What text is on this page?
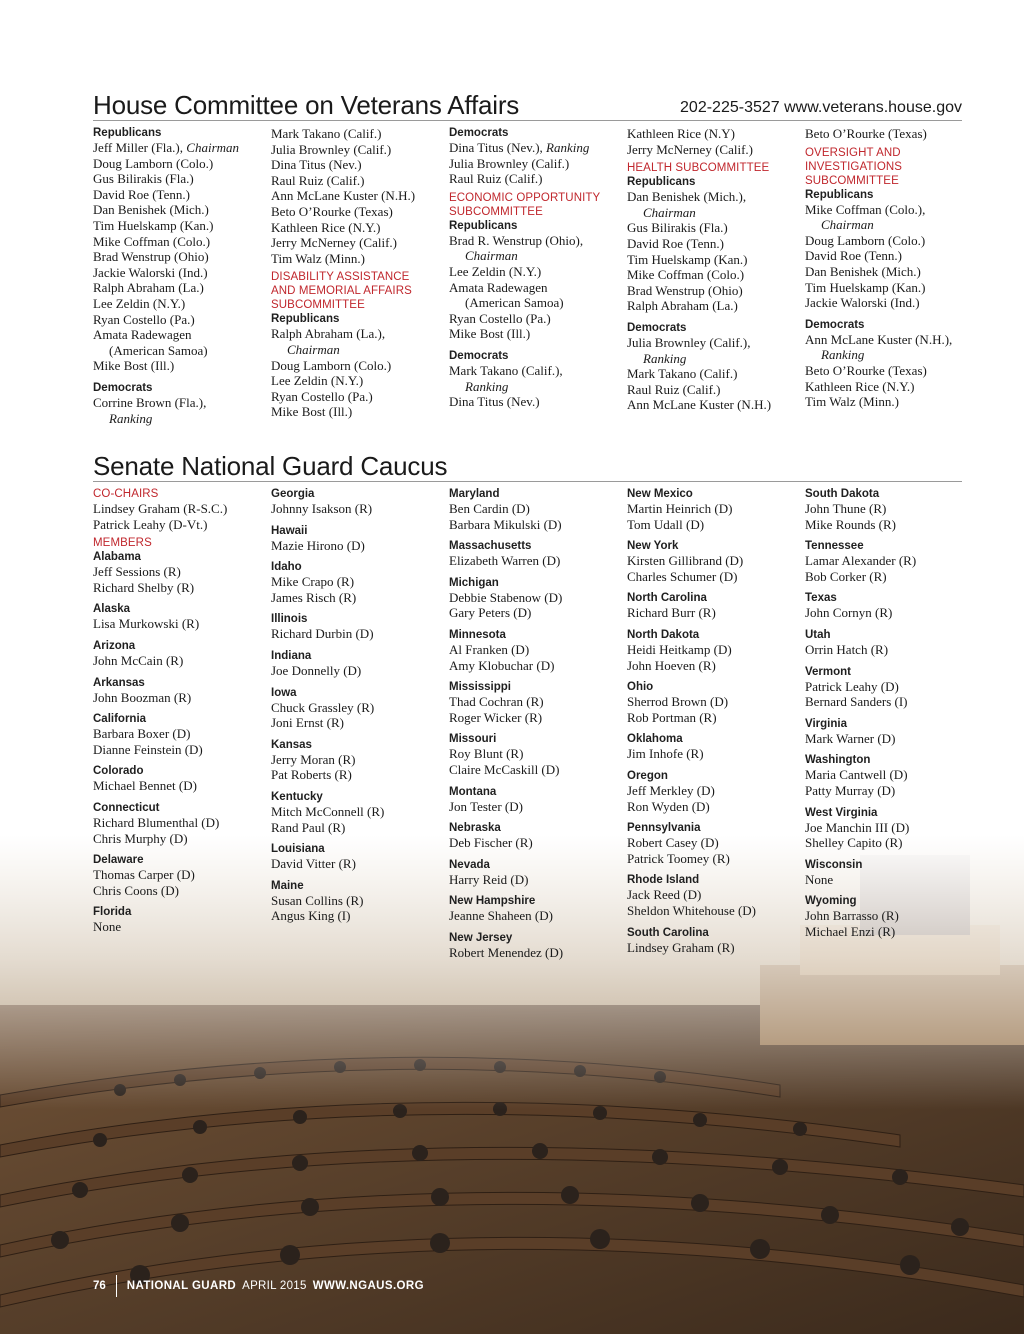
House Committee on Veterans Affairs	202-225-3527 www.veterans.house.gov
Republicans
Jeff Miller (Fla.), Chairman
Doug Lamborn (Colo.)
Gus Bilirakis (Fla.)
David Roe (Tenn.)
Dan Benishek (Mich.)
Tim Huelskamp (Kan.)
Mike Coffman (Colo.)
Brad Wenstrup (Ohio)
Jackie Walorski (Ind.)
Ralph Abraham (La.)
Lee Zeldin (N.Y.)
Ryan Costello (Pa.)
Amata Radewagen
(American Samoa)
Mike Bost (Ill.)
Democrats
Corrine Brown (Fla.),
Ranking
Mark Takano (Calif.)
Julia Brownley (Calif.)
Dina Titus (Nev.)
Raul Ruiz (Calif.)
Ann McLane Kuster (N.H.)
Beto O’Rourke (Texas)
Kathleen Rice (N.Y.)
Jerry McNerney (Calif.)
Tim Walz (Minn.)
DISABILITY ASSISTANCE
AND MEMORIAL AFFAIRS
SUBCOMMITTEE
Republicans
Ralph Abraham (La.),
Chairman
Doug Lamborn (Colo.)
Lee Zeldin (N.Y.)
Ryan Costello (Pa.)
Mike Bost (Ill.)
Democrats
Dina Titus (Nev.), Ranking
Julia Brownley (Calif.)
Raul Ruiz (Calif.)
ECONOMIC OPPORTUNITY
SUBCOMMITTEE
Republicans
Brad R. Wenstrup (Ohio),
Chairman
Lee Zeldin (N.Y.)
Amata Radewagen
(American Samoa)
Ryan Costello (Pa.)
Mike Bost (Ill.)
Democrats
Mark Takano (Calif.),
Ranking
Dina Titus (Nev.)
Kathleen Rice (N.Y)
Jerry McNerney (Calif.)
HEALTH SUBCOMMITTEE
Republicans
Dan Benishek (Mich.),
Chairman
Gus Bilirakis (Fla.)
David Roe (Tenn.)
Tim Huelskamp (Kan.)
Mike Coffman (Colo.)
Brad Wenstrup (Ohio)
Ralph Abraham (La.)
Democrats
Julia Brownley (Calif.),
Ranking
Mark Takano (Calif.)
Raul Ruiz (Calif.)
Ann McLane Kuster (N.H.)
Beto O’Rourke (Texas)
OVERSIGHT AND
INVESTIGATIONS
SUBCOMMITTEE
Republicans
Mike Coffman (Colo.),
Chairman
Doug Lamborn (Colo.)
David Roe (Tenn.)
Dan Benishek (Mich.)
Tim Huelskamp (Kan.)
Jackie Walorski (Ind.)
Democrats
Ann McLane Kuster (N.H.),
Ranking
Beto O’Rourke (Texas)
Kathleen Rice (N.Y.)
Tim Walz (Minn.)
Senate National Guard Caucus
CO-CHAIRS
Lindsey Graham (R-S.C.)
Patrick Leahy (D-Vt.)
MEMBERS
Alabama
Jeff Sessions (R)
Richard Shelby (R)
Alaska
Lisa Murkowski (R)
Arizona
John McCain (R)
Arkansas
John Boozman (R)
California
Barbara Boxer (D)
Dianne Feinstein (D)
Colorado
Michael Bennet (D)
Connecticut
Richard Blumenthal (D)
Chris Murphy (D)
Delaware
Thomas Carper (D)
Chris Coons (D)
Florida
None
Georgia
Johnny Isakson (R)
Hawaii
Mazie Hirono (D)
Idaho
Mike Crapo (R)
James Risch (R)
Illinois
Richard Durbin (D)
Indiana
Joe Donnelly (D)
Iowa
Chuck Grassley (R)
Joni Ernst (R)
Kansas
Jerry Moran (R)
Pat Roberts (R)
Kentucky
Mitch McConnell (R)
Rand Paul (R)
Louisiana
David Vitter (R)
Maine
Susan Collins (R)
Angus King (I)
Maryland
Ben Cardin (D)
Barbara Mikulski (D)
Massachusetts
Elizabeth Warren (D)
Michigan
Debbie Stabenow (D)
Gary Peters (D)
Minnesota
Al Franken (D)
Amy Klobuchar (D)
Mississippi
Thad Cochran (R)
Roger Wicker (R)
Missouri
Roy Blunt (R)
Claire McCaskill (D)
Montana
Jon Tester (D)
Nebraska
Deb Fischer (R)
Nevada
Harry Reid (D)
New Hampshire
Jeanne Shaheen (D)
New Jersey
Robert Menendez (D)
New Mexico
Martin Heinrich (D)
Tom Udall (D)
New York
Kirsten Gillibrand (D)
Charles Schumer (D)
North Carolina
Richard Burr (R)
North Dakota
Heidi Heitkamp (D)
John Hoeven (R)
Ohio
Sherrod Brown (D)
Rob Portman (R)
Oklahoma
Jim Inhofe (R)
Oregon
Jeff Merkley (D)
Ron Wyden (D)
Pennsylvania
Robert Casey (D)
Patrick Toomey (R)
Rhode Island
Jack Reed (D)
Sheldon Whitehouse (D)
South Carolina
Lindsey Graham (R)
South Dakota
John Thune (R)
Mike Rounds (R)
Tennessee
Lamar Alexander (R)
Bob Corker (R)
Texas
John Cornyn (R)
Utah
Orrin Hatch (R)
Vermont
Patrick Leahy (D)
Bernard Sanders (I)
Virginia
Mark Warner (D)
Washington
Maria Cantwell (D)
Patty Murray (D)
West Virginia
Joe Manchin III (D)
Shelley Capito (R)
Wisconsin
None
Wyoming
John Barrasso (R)
Michael Enzi (R)
76 NATIONAL GUARD APRIL 2015 WWW.NGAUS.ORG
